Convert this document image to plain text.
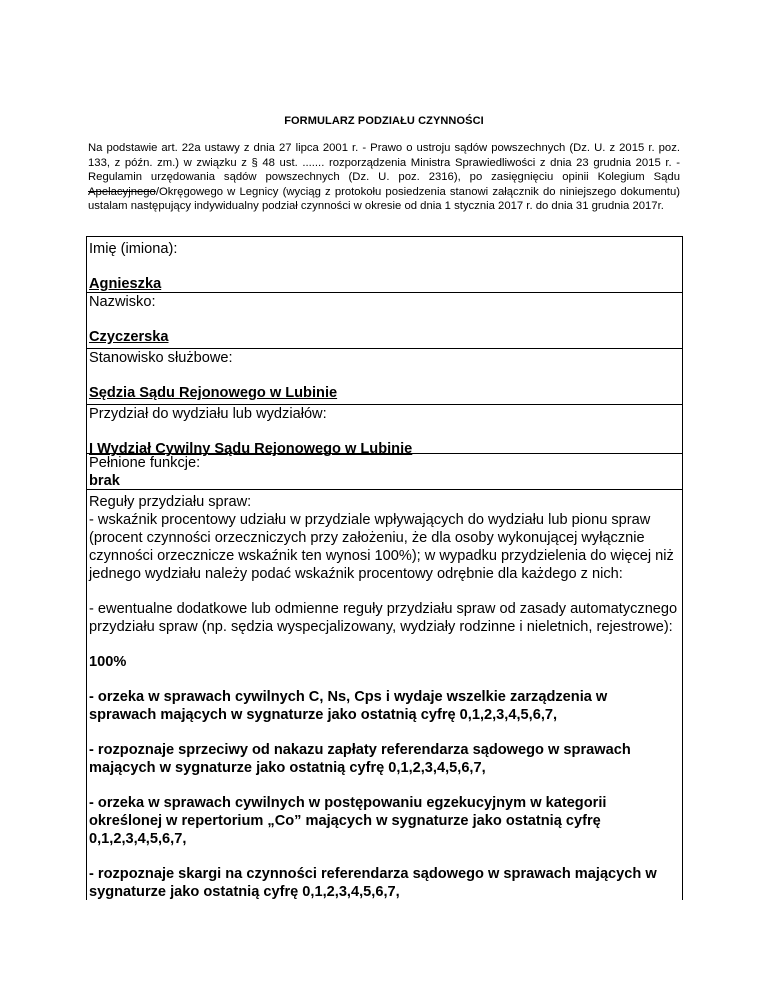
FORMULARZ PODZIAŁU CZYNNOŚCI
Na podstawie art. 22a ustawy z dnia 27 lipca 2001 r. - Prawo o ustroju sądów powszechnych (Dz. U. z 2015 r. poz. 133, z późn. zm.) w związku z § 48 ust. ....... rozporządzenia Ministra Sprawiedliwości z dnia 23 grudnia 2015 r. - Regulamin urzędowania sądów powszechnych (Dz. U. poz. 2316), po zasięgnięciu opinii Kolegium Sądu Apelacyjnego/Okręgowego w Legnicy (wyciąg z protokołu posiedzenia stanowi załącznik do niniejszego dokumentu) ustalam następujący indywidualny podział czynności w okresie od dnia 1 stycznia 2017 r. do dnia 31 grudnia 2017r.
Imię (imiona):
Agnieszka
Nazwisko:
Czyczerska
Stanowisko służbowe:
Sędzia Sądu Rejonowego w Lubinie
Przydział do wydziału lub wydziałów:
I Wydział Cywilny Sądu Rejonowego w Lubinie
Pełnione funkcje:
brak
Reguły przydziału spraw:

- wskaźnik procentowy udziału w przydziale wpływających do wydziału lub pionu spraw (procent czynności orzeczniczych przy założeniu, że dla osoby wykonującej wyłącznie czynności orzecznicze wskaźnik ten wynosi 100%); w wypadku przydzielenia do więcej niż jednego wydziału należy podać wskaźnik procentowy odrębnie dla każdego z nich:

- ewentualne dodatkowe lub odmienne reguły przydziału spraw od zasady automatycznego przydziału spraw (np. sędzia wyspecjalizowany, wydziały rodzinne i nieletnich, rejestrowe):

100%

- orzeka w sprawach cywilnych C, Ns, Cps i wydaje wszelkie zarządzenia w sprawach mających w sygnaturze jako ostatnią cyfrę 0,1,2,3,4,5,6,7,

- rozpoznaje sprzeciwy od nakazu zapłaty referendarza sądowego w sprawach mających w sygnaturze jako ostatnią cyfrę 0,1,2,3,4,5,6,7,

- orzeka w sprawach cywilnych w postępowaniu egzekucyjnym w kategorii określonej w repertorium „Co” mających w sygnaturze jako ostatnią cyfrę 0,1,2,3,4,5,6,7,

- rozpoznaje skargi na czynności referendarza sądowego w sprawach mających w sygnaturze jako ostatnią cyfrę 0,1,2,3,4,5,6,7,
